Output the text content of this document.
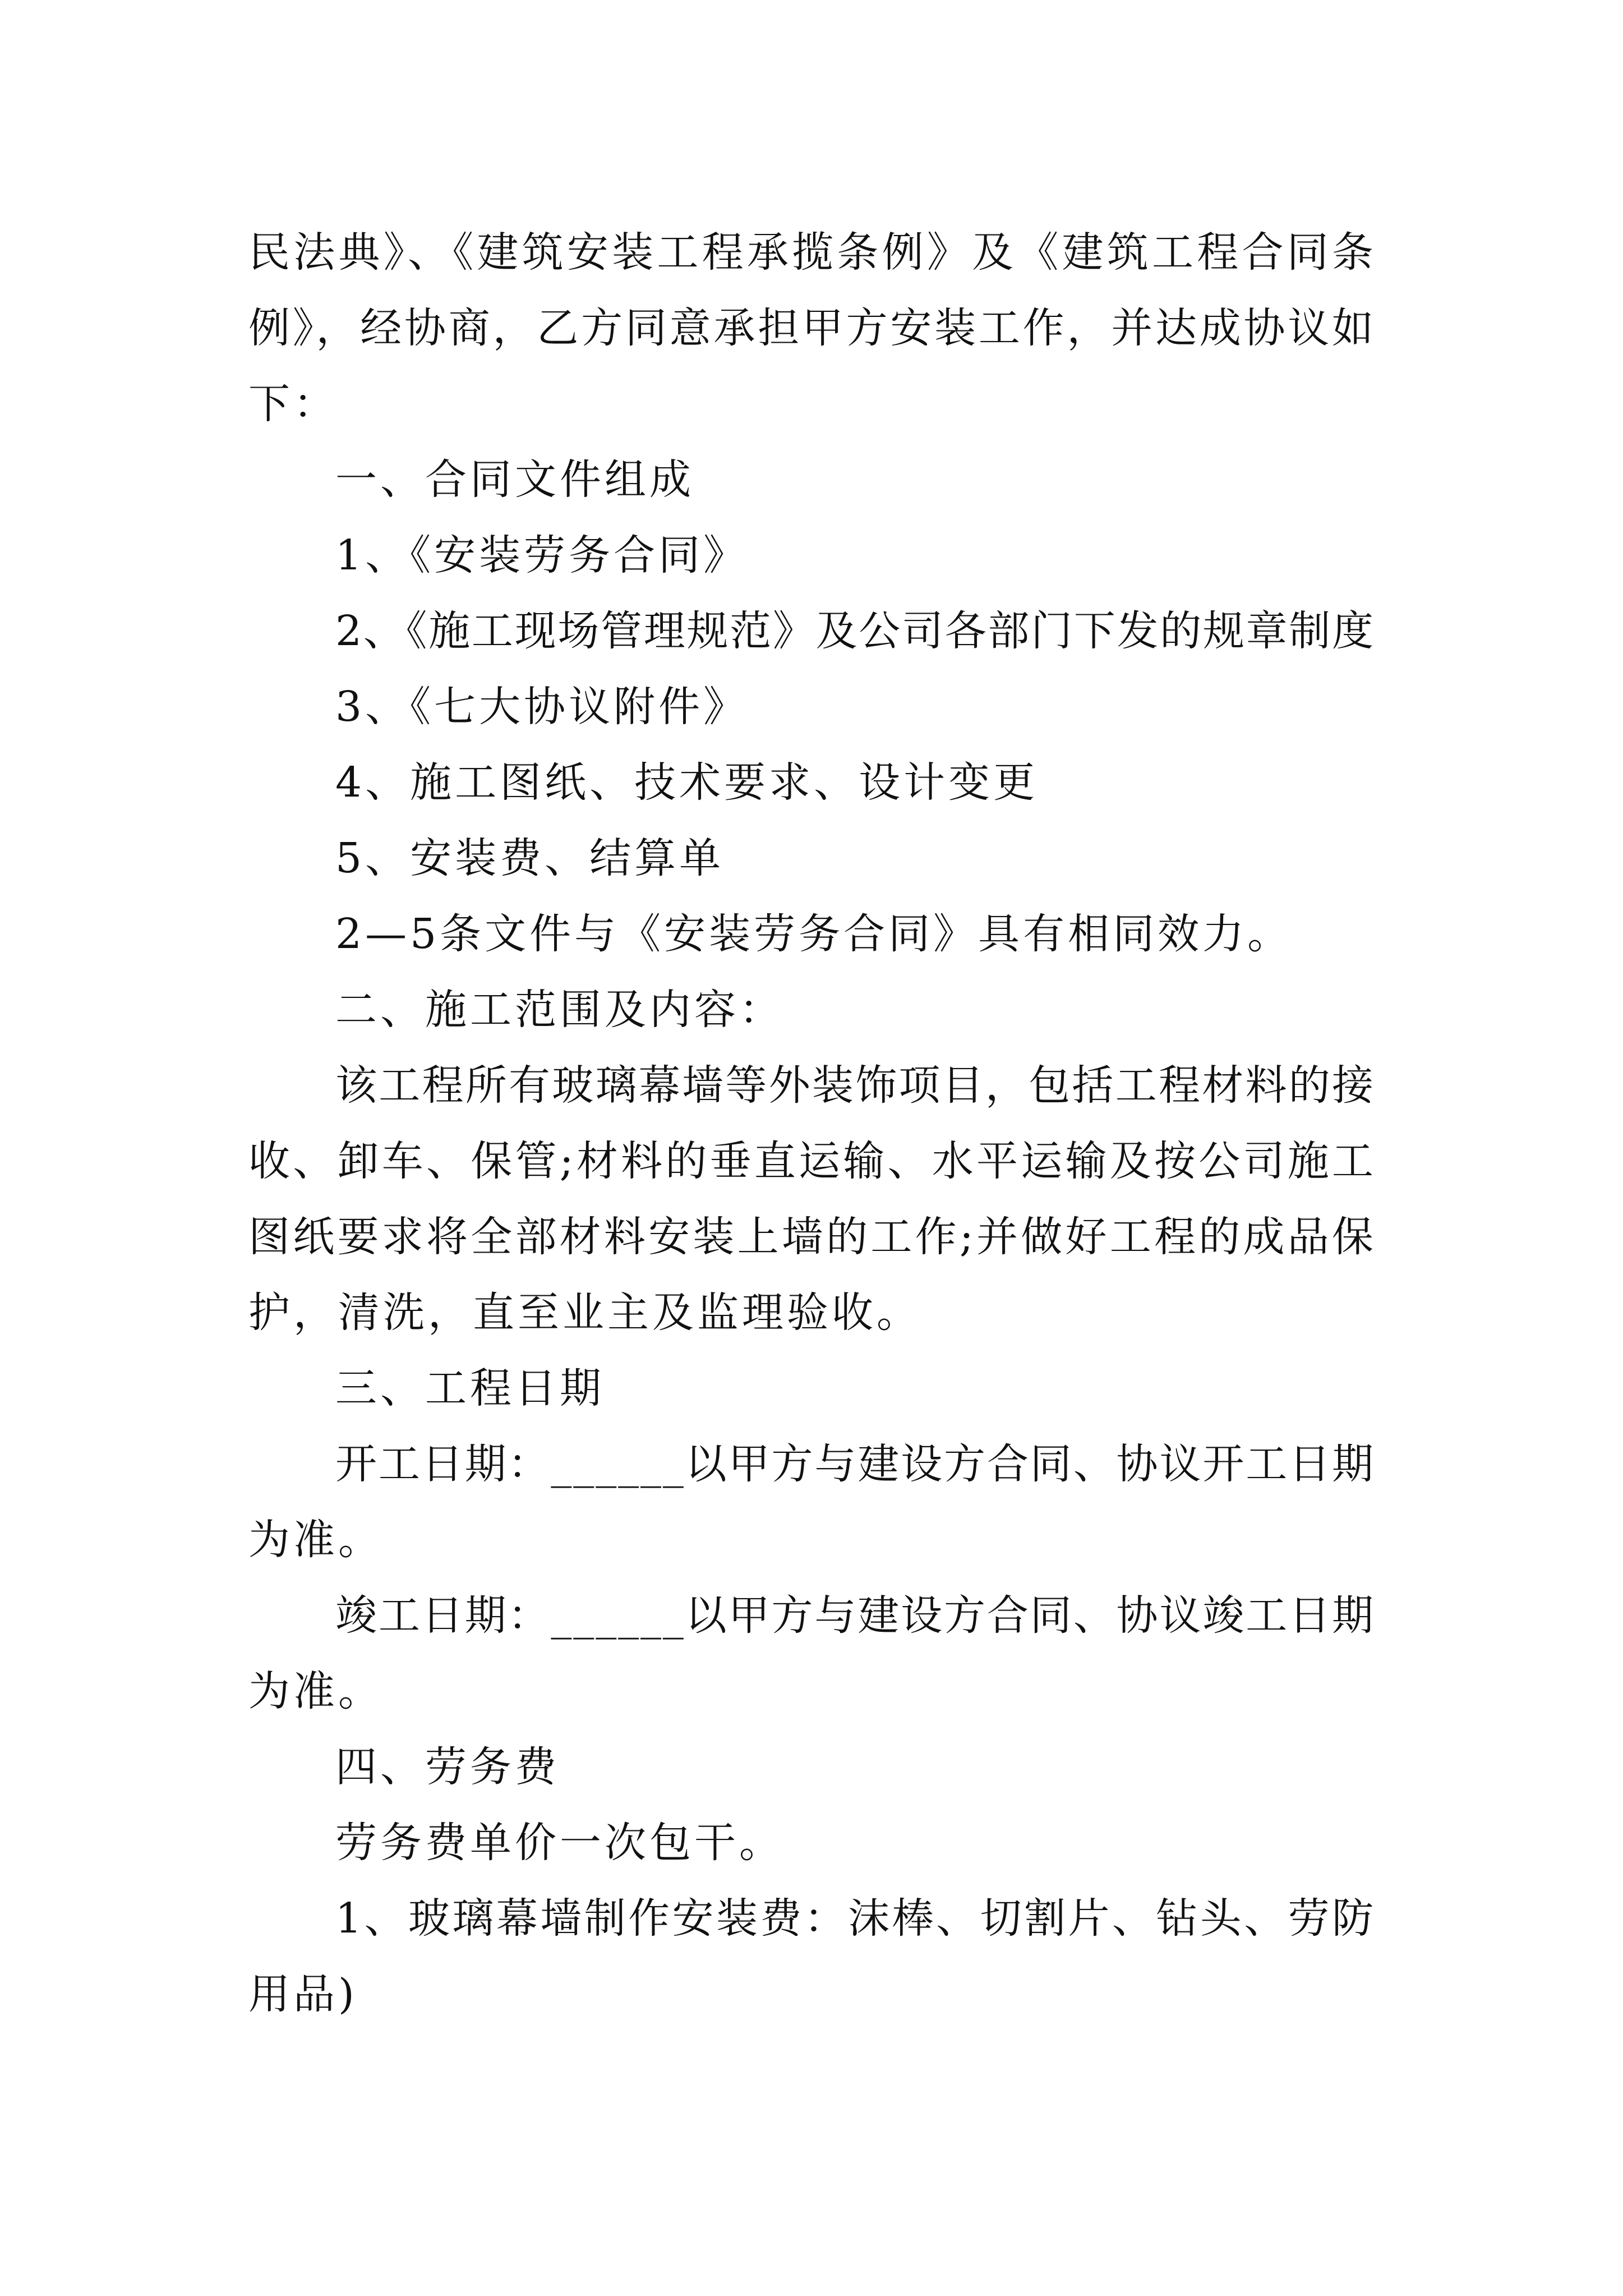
民法典》、《建筑安装工程承揽条例》及《建筑工程合同条
例》，经协商，乙方同意承担甲方安装工作，并达成协议如
下：
一、合同文件组成
1、《安装劳务合同》
2、《施工现场管理规范》及公司各部门下发的规章制度
3、《七大协议附件》
4、施工图纸、技术要求、设计变更
5、安装费、结算单
2—5条文件与《安装劳务合同》具有相同效力。
二、施工范围及内容：
该工程所有玻璃幕墙等外装饰项目，包括工程材料的接
收、卸车、保管;材料的垂直运输、水平运输及按公司施工
图纸要求将全部材料安装上墙的工作;并做好工程的成品保
护，清洗，直至业主及监理验收。
三、工程日期
开工日期：______以甲方与建设方合同、协议开工日期
为准。
竣工日期：______以甲方与建设方合同、协议竣工日期
为准。
四、劳务费
劳务费单价一次包干。
1、玻璃幕墙制作安装费：沫棒、切割片、钻头、劳防
用品)
